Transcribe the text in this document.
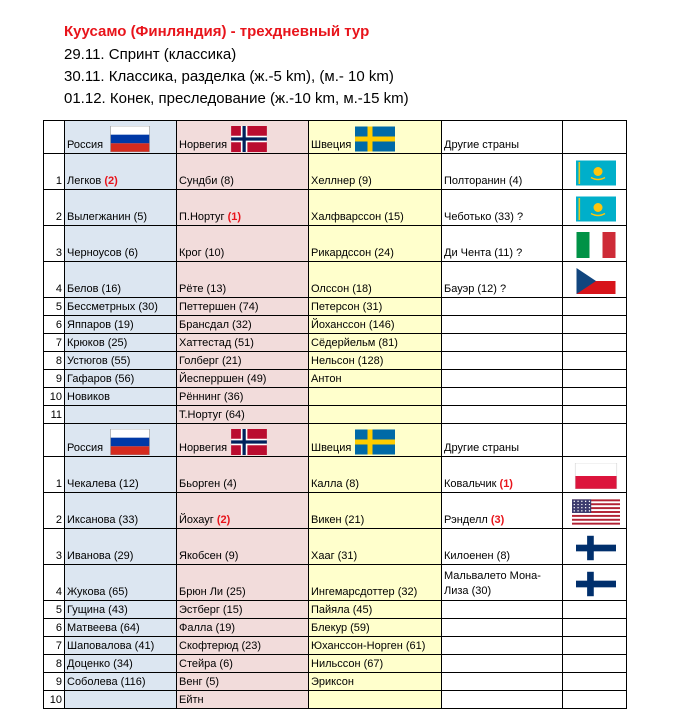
Куусамо (Финляндия) - трехдневный тур
29.11. Спринт (классика)
30.11. Классика, разделка (ж.-5 km), (м.- 10 km)
01.12. Конек, преследование (ж.-10 km, м.-15 km)
	Россия	Норвегия	Швеция	Другие страны	
1	Легков (2)	Сундби (8)	Хеллнер (9)	Полторанин (4)	

2	Вылегжанин (5)	П.Нортуг (1)	Халфварссон (15)	Чеботько (33) ?	

3	Черноусов (6)	Крог (10)	Рикардссон (24)	Ди Чента (11) ?	

4	Белов (16)	Рёте (13)	Олссон (18)	Бауэр (12) ?	

5	Бессметрных (30)	Петтершен (74)	Петерсон (31)		
6	Яппаров (19)	Брансдал (32)	Йоханссон (146)		
7	Крюков (25)	Хаттестад (51)	Сёдерйельм (81)		
8	Устюгов (55)	Голберг (21)	Нельсон (128)		
9	Гафаров (56)	Йесперршен (49)	Антон		
10	Новиков	Рённинг (36)			
11		Т.Нортуг (64)			
	Россия	Норвегия	Швеция	Другие страны	
1	Чекалева (12)	Бьорген (4)	Калла (8)	Ковальчик (1)	

2	Иксанова (33)	Йохауг (2)	Викен (21)	Рэнделл (3)	

3	Иванова (29)	Якобсен (9)	Хааг (31)	Килоенен (8)	

4	Жукова (65)	Брюн Ли (25)	Ингемарсдоттер (32)	Мальвалето Мона-Лиза (30)	

5	Гущина (43)	Эстберг (15)	Пайяла (45)		
6	Матвеева (64)	Фалла (19)	Блекур (59)		
7	Шаповалова (41)	Скофтерюд (23)	Юханссон-Норген (61)		
8	Доценко (34)	Стейра (6)	Нильссон (67)		
9	Соболева (116)	Венг (5)	Эриксон		
10		Ейтн			
